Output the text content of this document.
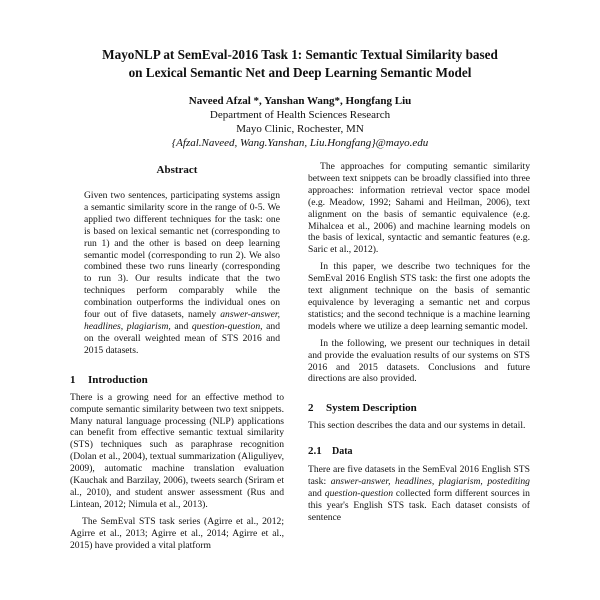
MayoNLP at SemEval-2016 Task 1: Semantic Textual Similarity based
on Lexical Semantic Net and Deep Learning Semantic Model
Naveed Afzal *, Yanshan Wang*, Hongfang Liu
Department of Health Sciences Research
Mayo Clinic, Rochester, MN
{Afzal.Naveed, Wang.Yanshan, Liu.Hongfang}@mayo.edu
Abstract
Given two sentences, participating systems assign a semantic similarity score in the range of 0-5. We applied two different techniques for the task: one is based on lexical semantic net (corresponding to run 1) and the other is based on deep learning semantic model (corresponding to run 2). We also combined these two runs linearly (corresponding to run 3). Our results indicate that the two techniques perform comparably while the combination outperforms the individual ones on four out of five datasets, namely answer-answer, headlines, plagiarism, and question-question, and on the overall weighted mean of STS 2016 and 2015 datasets.
1 Introduction

There is a growing need for an effective method to compute semantic similarity between two text snippets. Many natural language processing (NLP) applications can benefit from effective semantic textual similarity (STS) techniques such as paraphrase recognition (Dolan et al., 2004), textual summarization (Aliguliyev, 2009), automatic machine translation evaluation (Kauchak and Barzilay, 2006), tweets search (Sriram et al., 2010), and student answer assessment (Rus and Lintean, 2012; Nimula et al., 2013).

The SemEval STS task series (Agirre et al., 2012; Agirre et al., 2013; Agirre et al., 2014; Agirre et al., 2015) have provided a vital platform

The approaches for computing semantic similarity between text snippets can be broadly classified into three approaches: information retrieval vector space model (e.g. Meadow, 1992; Sahami and Heilman, 2006), text alignment on the basis of semantic equivalence (e.g. Mihalcea et al., 2006) and machine learning models on the basis of lexical, syntactic and semantic features (e.g. Saric et al., 2012).

In this paper, we describe two techniques for the SemEval 2016 English STS task: the first one adopts the text alignment technique on the basis of semantic equivalence by leveraging a semantic net and corpus statistics; and the second technique is a machine learning models where we utilize a deep learning semantic model.

In the following, we present our techniques in detail and provide the evaluation results of our systems on STS 2016 and 2015 datasets. Conclusions and future directions are also provided.

2 System Description

This section describes the data and our systems in detail.

2.1 Data

There are five datasets in the SemEval 2016 English STS task: answer-answer, headlines, plagiarism, postediting and question-question collected form different sources in this year's English STS task. Each dataset consists of sentence
